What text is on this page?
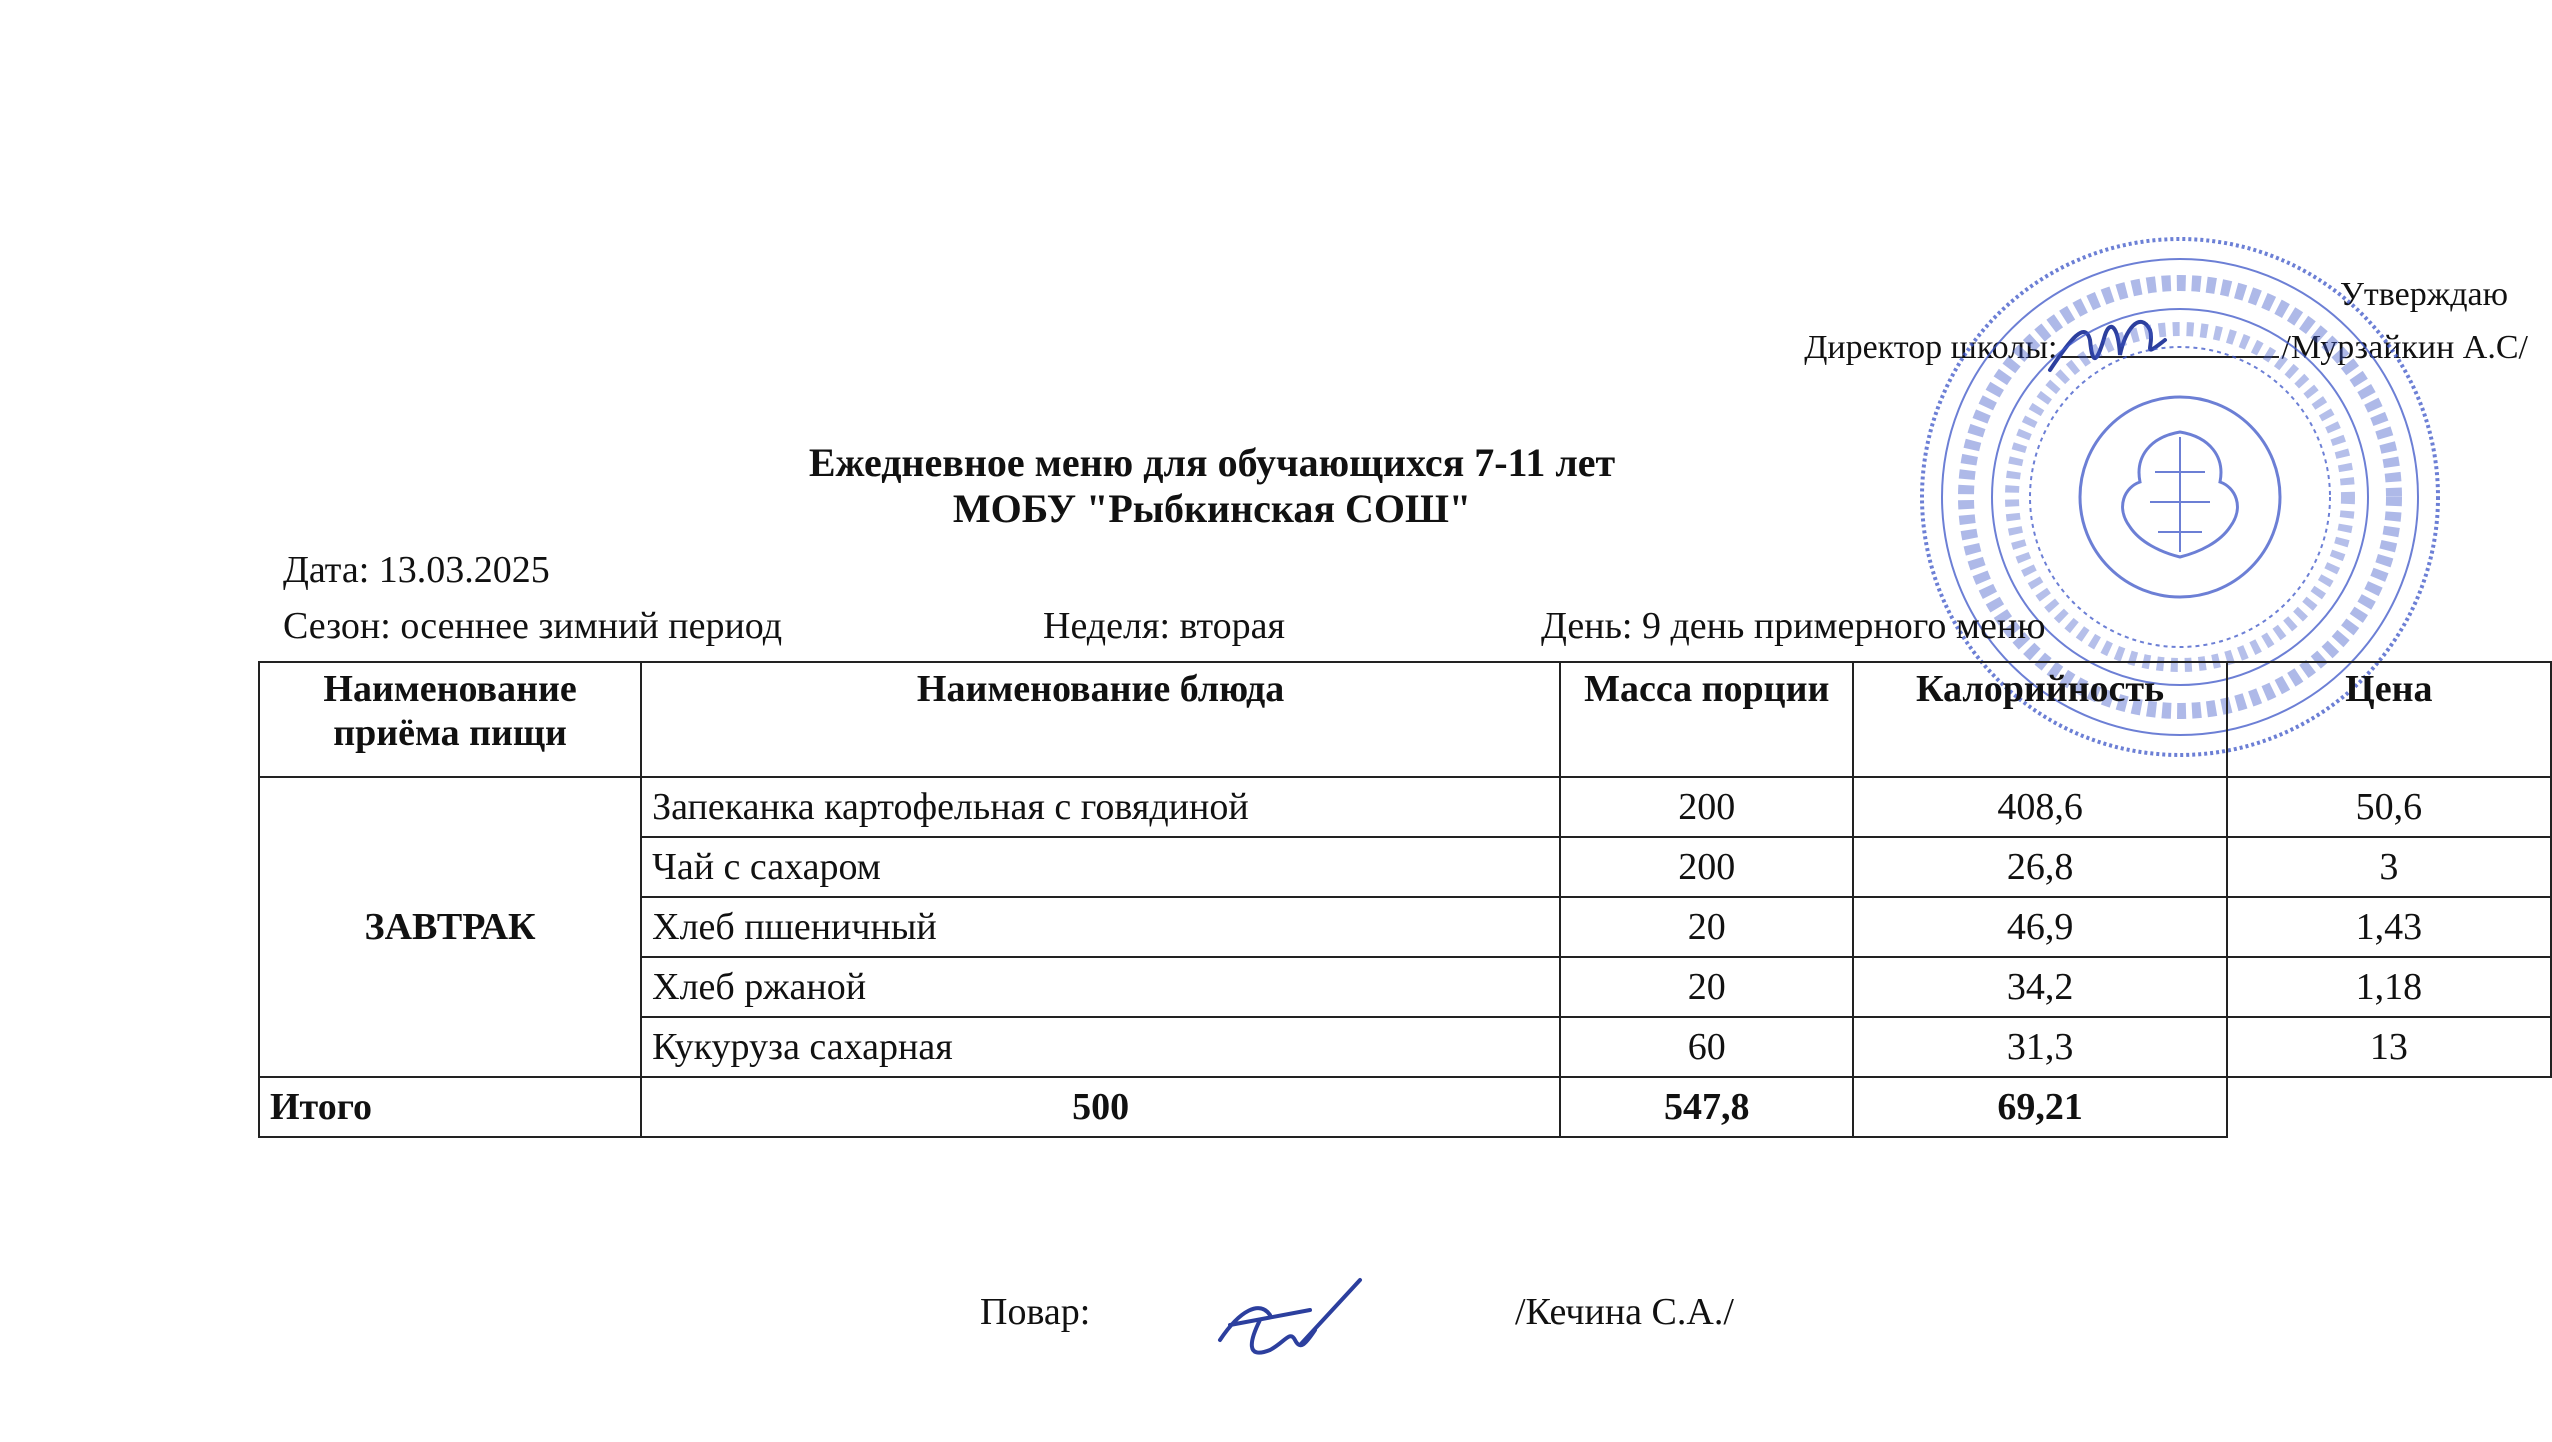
Утверждаю
Директор школы:	/Мурзайкин А.С/
Ежедневное меню для обучающихся 7-11 лет
МОБУ "Рыбкинская СОШ"
Дата: 13.03.2025
Сезон: осеннее зимний период	Неделя: вторая	День: 9 день примерного меню
Наименование приёма пищи	Наименование блюда	Масса порции	Калорийность	Цена
ЗАВТРАК	Запеканка картофельная с говядиной	200	408,6	50,6
	Чай с сахаром	200	26,8	3
	Хлеб пшеничный	20	46,9	1,43
	Хлеб ржаной	20	34,2	1,18
	Кукуруза сахарная	60	31,3	13
Итого	500	547,8	69,21	
Повар:	/Кечина С.А./
